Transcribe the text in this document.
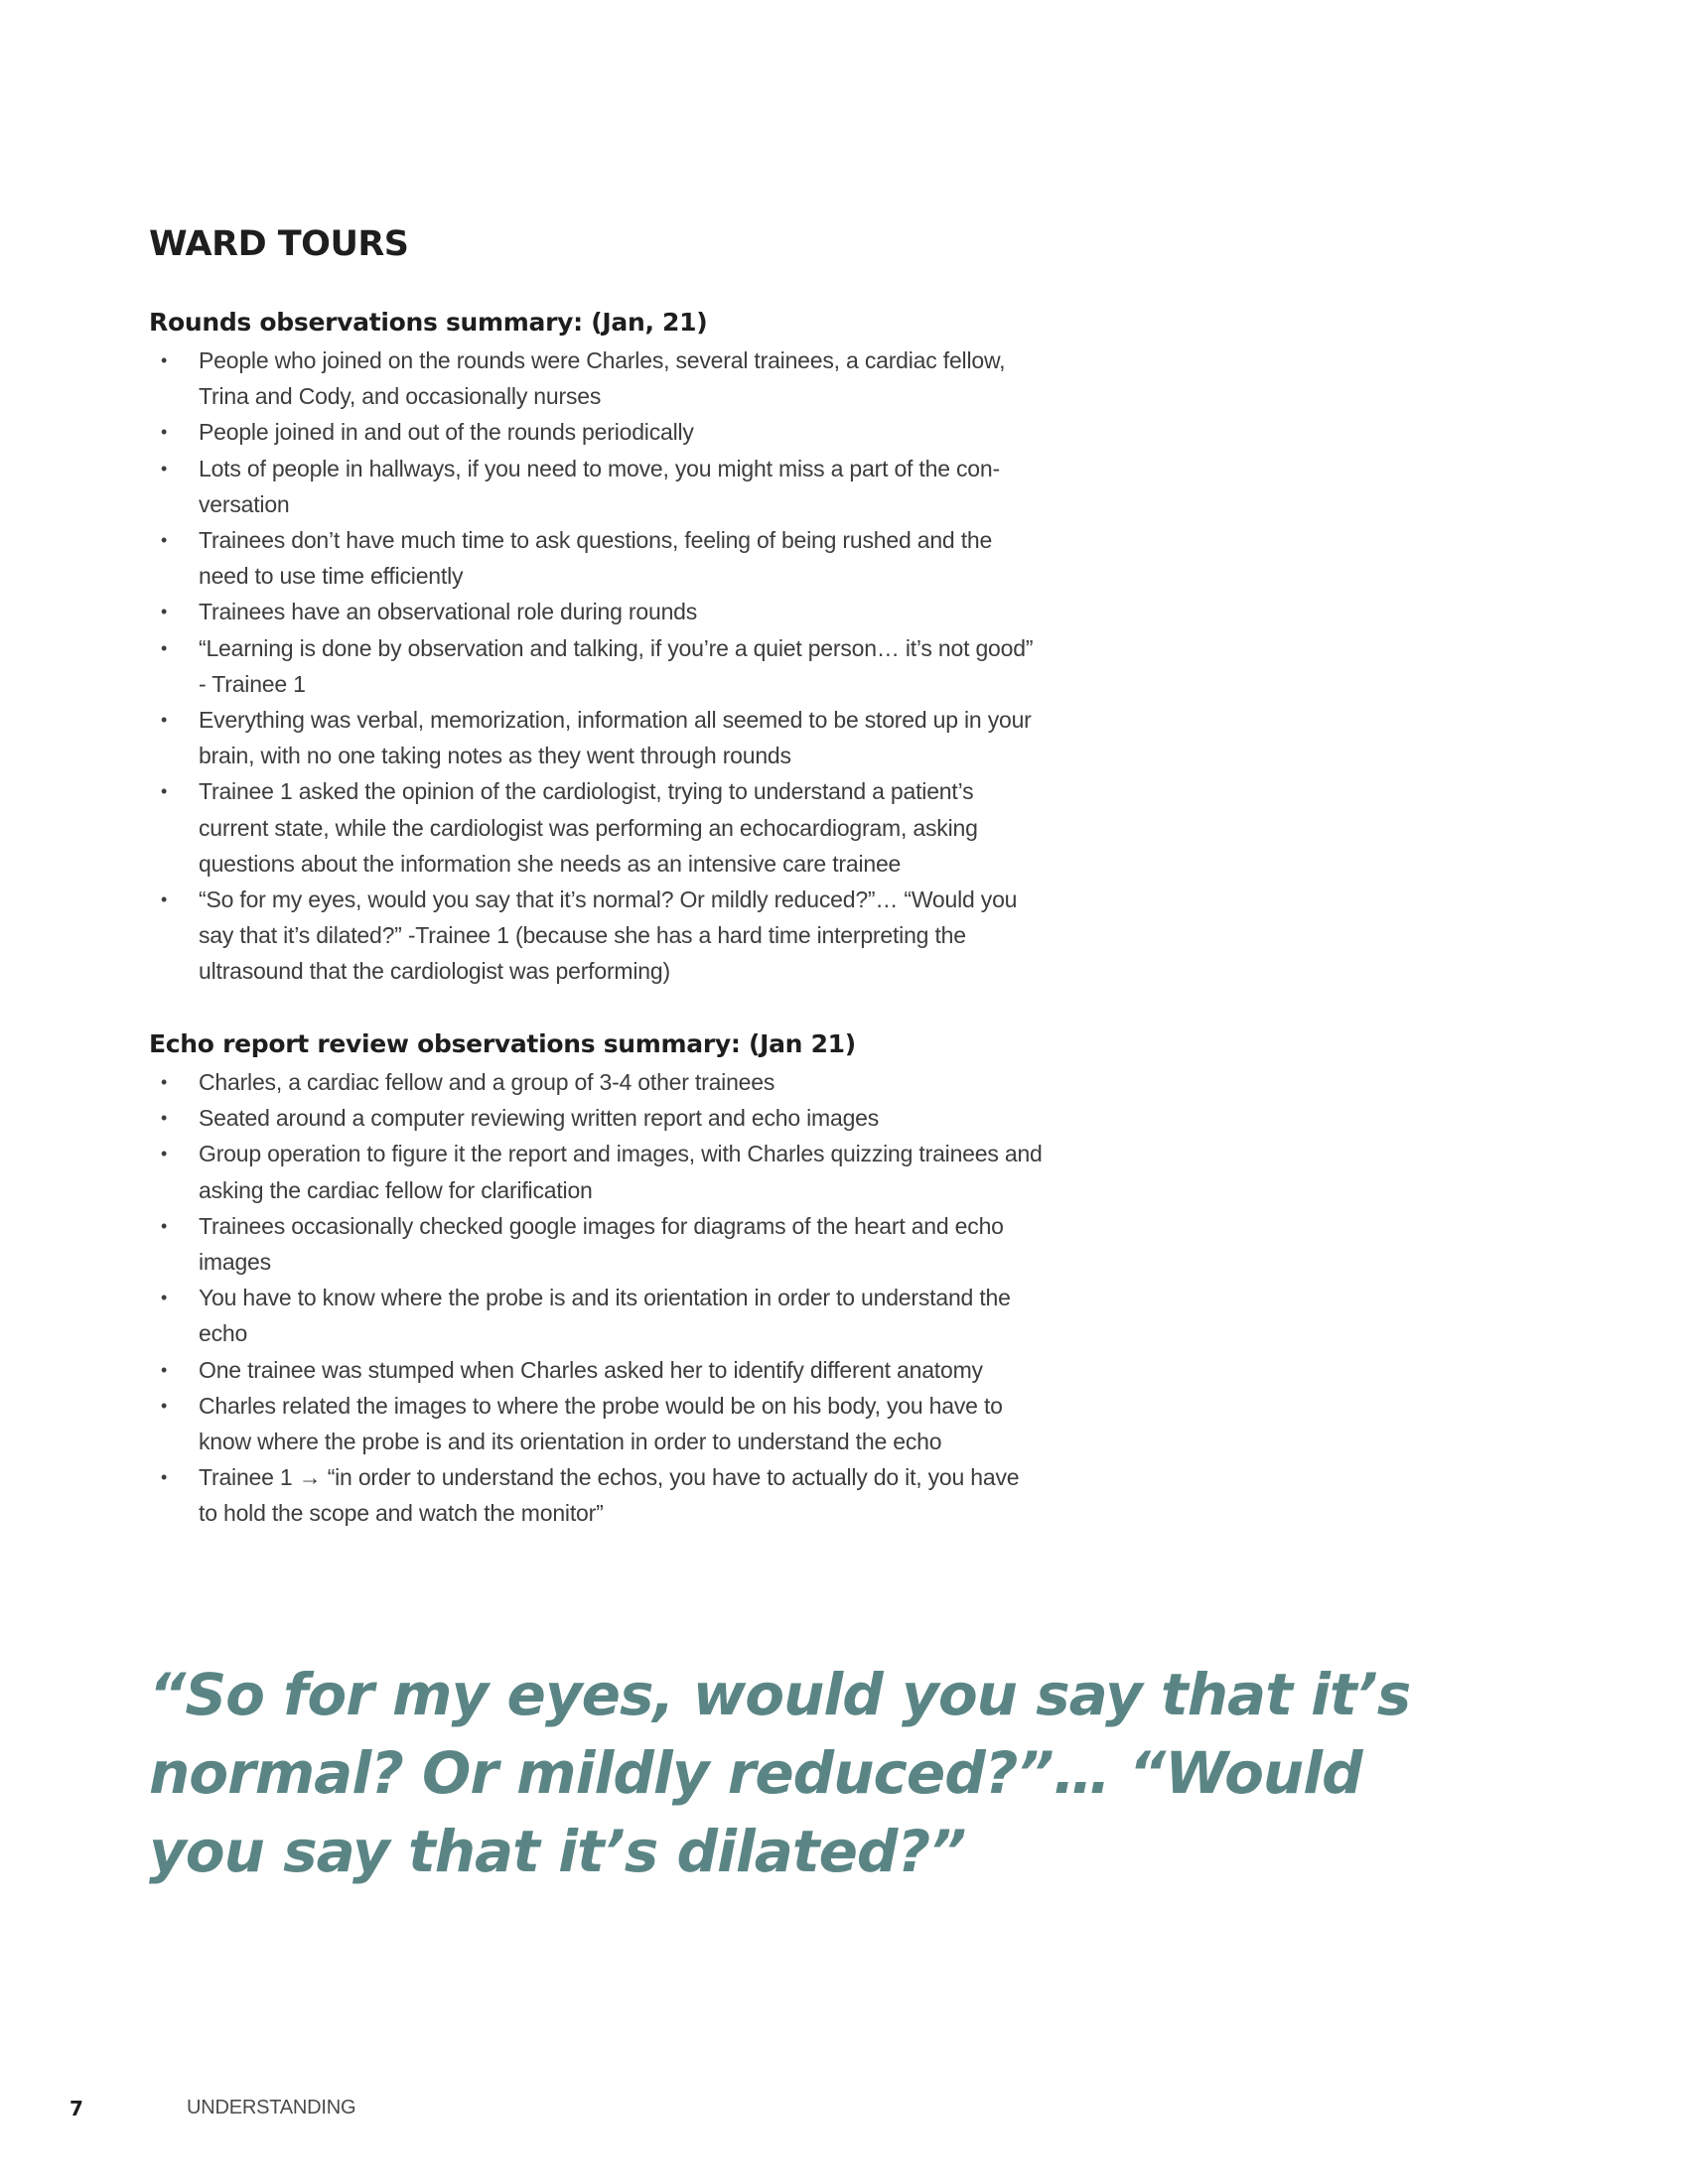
WARD TOURS
Rounds observations summary: (Jan, 21)
• People who joined on the rounds were Charles, several trainees, a cardiac fellow, Trina and Cody, and occasionally nurses
• People joined in and out of the rounds periodically
• Lots of people in hallways, if you need to move, you might miss a part of the con-versation
• Trainees don’t have much time to ask questions, feeling of being rushed and the need to use time efficiently
• Trainees have an observational role during rounds
• “Learning is done by observation and talking, if you’re a quiet person… it’s not good” - Trainee 1
• Everything was verbal, memorization, information all seemed to be stored up in your brain, with no one taking notes as they went through rounds
• Trainee 1 asked the opinion of the cardiologist, trying to understand a patient’s current state, while the cardiologist was performing an echocardiogram, asking questions about the information she needs as an intensive care trainee
• “So for my eyes, would you say that it’s normal? Or mildly reduced?”… “Would you say that it’s dilated?” -Trainee 1 (because she has a hard time interpreting the ultrasound that the cardiologist was performing)
Echo report review observations summary: (Jan 21)
• Charles, a cardiac fellow and a group of 3-4 other trainees
• Seated around a computer reviewing written report and echo images
• Group operation to figure it the report and images, with Charles quizzing trainees and asking the cardiac fellow for clarification
• Trainees occasionally checked google images for diagrams of the heart and echo images
• You have to know where the probe is and its orientation in order to understand the echo
• One trainee was stumped when Charles asked her to identify different anatomy
• Charles related the images to where the probe would be on his body, you have to know where the probe is and its orientation in order to understand the echo
• Trainee 1 → “in order to understand the echos, you have to actually do it, you have to hold the scope and watch the monitor”

“So for my eyes, would you say that it’s normal? Or mildly reduced?”… “Would you say that it’s dilated?”

7	UNDERSTANDING
